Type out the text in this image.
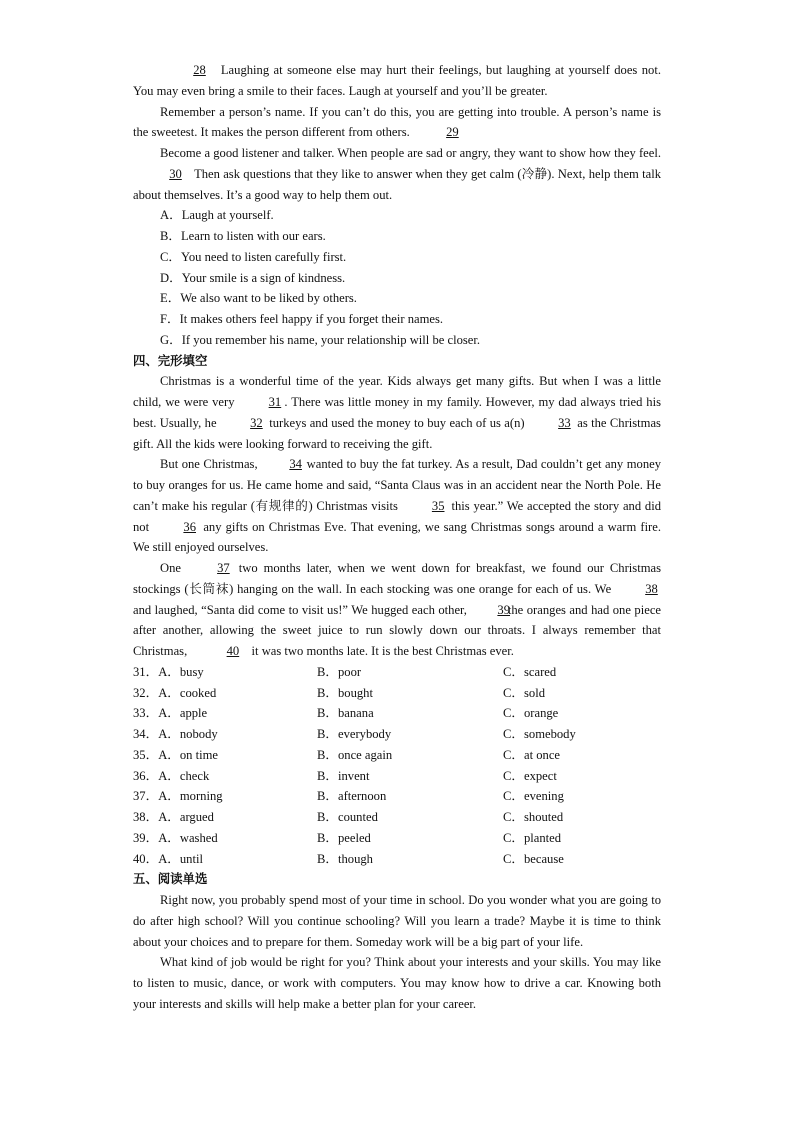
28 Laughing at someone else may hurt their feelings, but laughing at yourself does not. You may even bring a smile to their faces. Laugh at yourself and you’ll be greater.

Remember a person’s name. If you can’t do this, you are getting into trouble. A person’s name is the sweetest. It makes the person different from others.	29

Become a good listener and talker. When people are sad or angry, they want to show how they feel. 30 Then ask questions that they like to answer when they get calm (冷静). Next, help them talk about themselves. It’s a good way to help them out.

A．Laugh at yourself.

B．Learn to listen with our ears.

C．You need to listen carefully first.

D．Your smile is a sign of kindness.

E．We also want to be liked by others.

F．It makes others feel happy if you forget their names.

G．If you remember his name, your relationship will be closer.

四、完形填空

Christmas is a wonderful time of the year. Kids always get many gifts. But when I was a little child, we were very	31 . There was little money in my family. However, my dad always tried his best. Usually, he	32 turkeys and used the money to buy each of us a(n)	33 as the Christmas gift. All the kids were looking forward to receiving the gift.

But one Christmas,	34 wanted to buy the fat turkey. As a result, Dad couldn’t get any money to buy oranges for us. He came home and said, “Santa Claus was in an accident near the North Pole. He can’t make his regular (有规律的) Christmas visits	35 this year.” We accepted the story and did not	36 any gifts on Christmas Eve. That evening, we sang Christmas songs around a warm fire. We still enjoyed ourselves.

One	37 two months later, when we went down for breakfast, we found our Christmas stockings (长筒袜) hanging on the wall. In each stocking was one orange for each of us. We	38 and laughed, “Santa did come to visit us!” We hugged each other, 39 the oranges and had one piece after another, allowing the sweet juice to run slowly down our throats. I always remember that Christmas,	40 it was two months late. It is the best Christmas ever.

31．A．busy	B．poor	C．scared
32．A．cooked	B．bought	C．sold
33．A．apple	B．banana	C．orange
34．A．nobody	B．everybody	C．somebody
35．A．on time	B．once again	C．at once
36．A．check	B．invent	C．expect
37．A．morning	B．afternoon	C．evening
38．A．argued	B．counted	C．shouted
39．A．washed	B．peeled	C．planted
40．A．until	B．though	C．because

五、阅读单选

Right now, you probably spend most of your time in school. Do you wonder what you are going to do after high school? Will you continue schooling? Will you learn a trade? Maybe it is time to think about your choices and to prepare for them. Someday work will be a big part of your life.

What kind of job would be right for you? Think about your interests and your skills. You may like to listen to music, dance, or work with computers. You may know how to drive a car. Knowing both your interests and skills will help make a better plan for your career.
